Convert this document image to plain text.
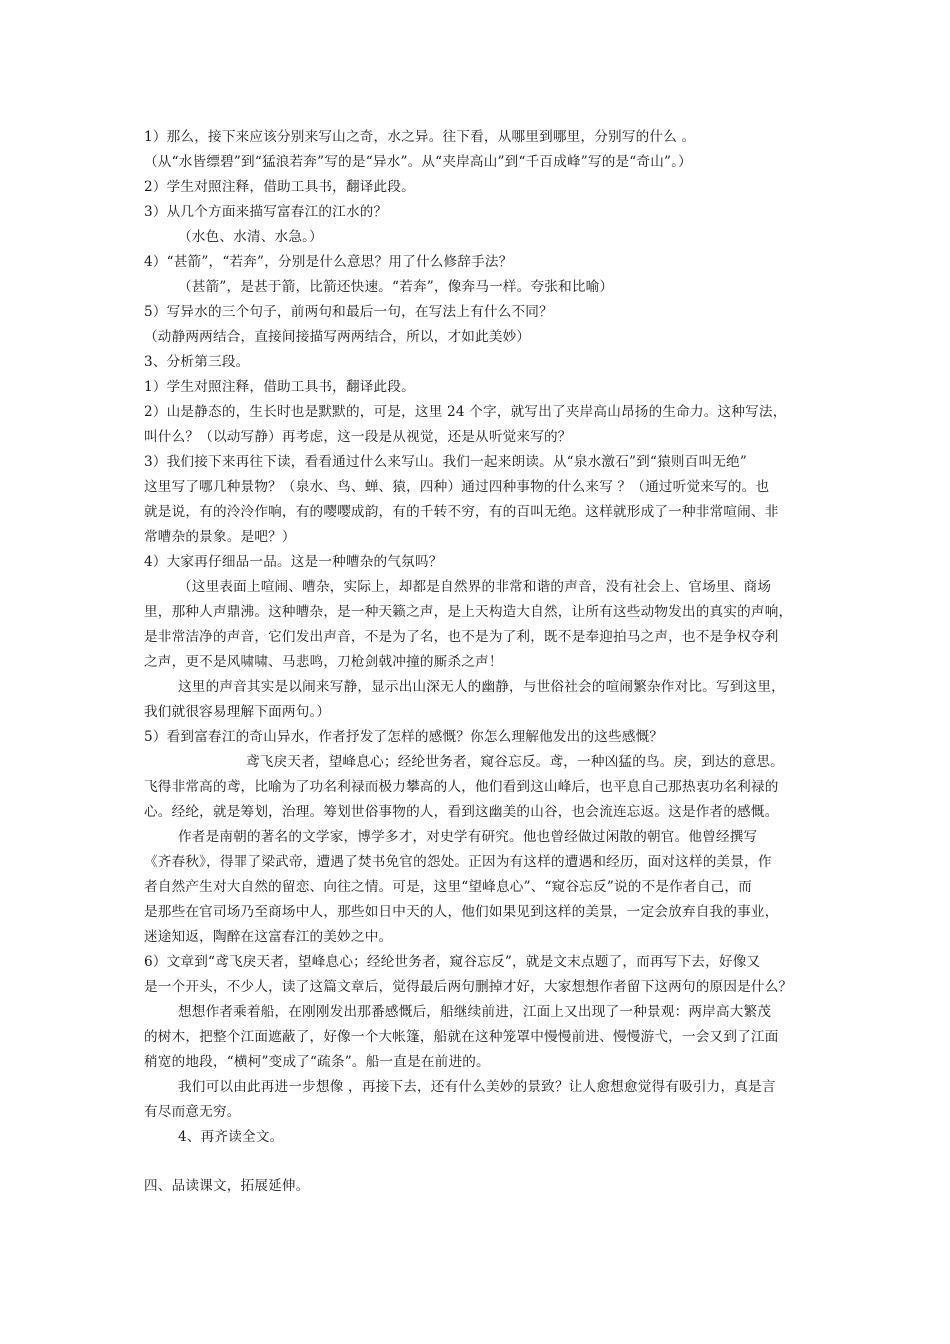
1）那么，接下来应该分别来写山之奇，水之异。往下看，从哪里到哪里，分别写的什么 。
（从“水皆缥碧”到“猛浪若奔”写的是“异水”。从“夹岸高山”到“千百成峰”写的是“奇山”。）
2）学生对照注释，借助工具书，翻译此段。
3）从几个方面来描写富春江的江水的？
（水色、水清、水急。）
4）“甚箭”，“若奔”，分别是什么意思？用了什么修辞手法？
（甚箭”，是甚于箭，比箭还快速。“若奔”，像奔马一样。夸张和比喻）
5）写异水的三个句子，前两句和最后一句，在写法上有什么不同？
（动静两两结合，直接间接描写两两结合，所以，才如此美妙）
3、分析第三段。
1）学生对照注释，借助工具书，翻译此段。
2）山是静态的，生长时也是默默的，可是，这里 24 个字，就写出了夹岸高山昂扬的生命力。这种写法，
叫什么？（以动写静）再考虑，这一段是从视觉，还是从听觉来写的？
3）我们接下来再往下读，看看通过什么来写山。我们一起来朗读。从“泉水激石”到“猿则百叫无绝”
这里写了哪几种景物？（泉水、鸟、蝉、猿，四种）通过四种事物的什么来写 ？（通过听觉来写的。也
就是说，有的泠泠作响，有的嘤嘤成韵，有的千转不穷，有的百叫无绝。这样就形成了一种非常喧闹、非
常嘈杂的景象。是吧？）
4）大家再仔细品一品。这是一种嘈杂的气氛吗？
（这里表面上喧闹、嘈杂，实际上，却都是自然界的非常和谐的声音，没有社会上、官场里、商场
里，那种人声鼎沸。这种嘈杂，是一种天籁之声，是上天构造大自然，让所有这些动物发出的真实的声响，
是非常洁净的声音，它们发出声音，不是为了名，也不是为了利，既不是奉迎拍马之声，也不是争权夺利
之声，更不是风啸啸、马悲鸣，刀枪剑戟冲撞的厮杀之声！
这里的声音其实是以闹来写静，显示出山深无人的幽静，与世俗社会的喧闹繁杂作对比。写到这里，
我们就很容易理解下面两句。）
5）看到富春江的奇山异水，作者抒发了怎样的感慨？你怎么理解他发出的这些感慨？
鸢飞戾天者，望峰息心；经纶世务者，窥谷忘反。鸢，一种凶猛的鸟。戾，到达的意思。
飞得非常高的鸢，比喻为了功名利禄而极力攀高的人，他们看到这山峰后，也平息自己那热衷功名利禄的
心。经纶，就是筹划，治理。筹划世俗事物的人，看到这幽美的山谷，也会流连忘返。这是作者的感慨。
作者是南朝的著名的文学家，博学多才，对史学有研究。他也曾经做过闲散的朝官。他曾经撰写
《齐春秋》，得罪了梁武帝，遭遇了焚书免官的怨处。正因为有这样的遭遇和经历，面对这样的美景，作
者自然产生对大自然的留恋、向往之情。可是，这里“望峰息心”、“窥谷忘反”说的不是作者自己，而
是那些在官司场乃至商场中人，那些如日中天的人，他们如果见到这样的美景，一定会放弃自我的事业，
迷途知返，陶醉在这富春江的美妙之中。
6）文章到“鸢飞戾天者，望峰息心；经纶世务者，窥谷忘反”，就是文末点题了，而再写下去，好像又
是一个开头，不少人，读了这篇文章后，觉得最后两句删掉才好，大家想想作者留下这两句的原因是什么？
想想作者乘着船，在刚刚发出那番感慨后，船继续前进，江面上又出现了一种景观：两岸高大繁茂
的树木，把整个江面遮蔽了，好像一个大帐篷，船就在这种笼罩中慢慢前进、慢慢游弋，一会又到了江面
稍宽的地段，“横柯”变成了“疏条”。船一直是在前进的。
我们可以由此再进一步想像 ，再接下去，还有什么美妙的景致？让人愈想愈觉得有吸引力，真是言
有尽而意无穷。
4、再齐读全文。
四、品读课文，拓展延伸。
